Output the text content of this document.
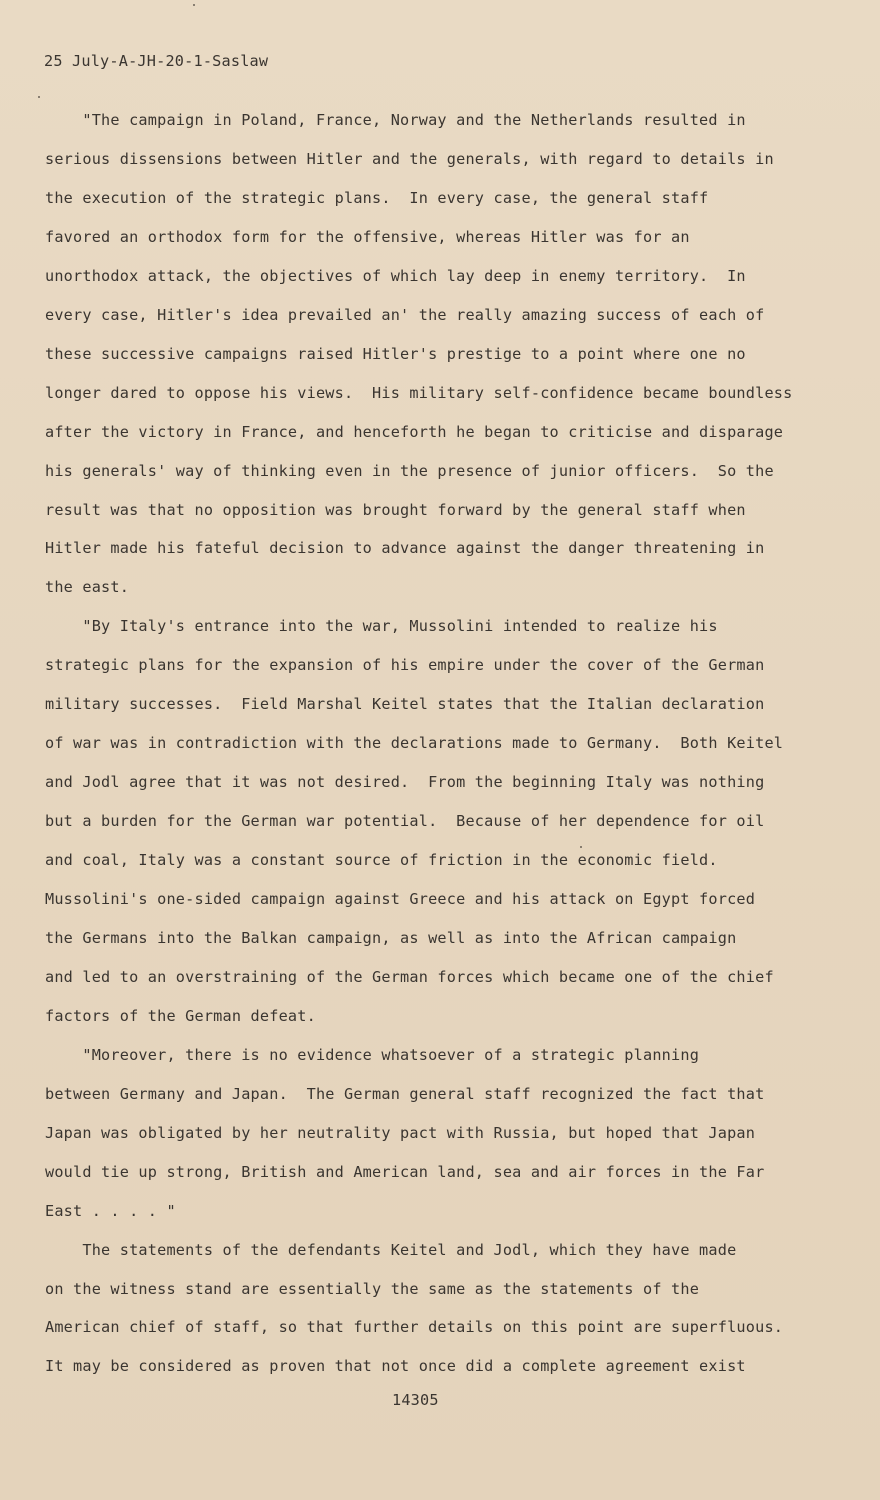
25 July-A-JH-20-1-Saslaw
"The campaign in Poland, France, Norway and the Netherlands resulted in
serious dissensions between Hitler and the generals, with regard to details in
the execution of the strategic plans.  In every case, the general staff
favored an orthodox form for the offensive, whereas Hitler was for an
unorthodox attack, the objectives of which lay deep in enemy territory.  In
every case, Hitler's idea prevailed an' the really amazing success of each of
these successive campaigns raised Hitler's prestige to a point where one no
longer dared to oppose his views.  His military self-confidence became boundless
after the victory in France, and henceforth he began to criticise and disparage
his generals' way of thinking even in the presence of junior officers.  So the
result was that no opposition was brought forward by the general staff when
Hitler made his fateful decision to advance against the danger threatening in
the east.
"By Italy's entrance into the war, Mussolini intended to realize his
strategic plans for the expansion of his empire under the cover of the German
military successes.  Field Marshal Keitel states that the Italian declaration
of war was in contradiction with the declarations made to Germany.  Both Keitel
and Jodl agree that it was not desired.  From the beginning Italy was nothing
but a burden for the German war potential.  Because of her dependence for oil
and coal, Italy was a constant source of friction in the economic field.
Mussolini's one-sided campaign against Greece and his attack on Egypt forced
the Germans into the Balkan campaign, as well as into the African campaign
and led to an overstraining of the German forces which became one of the chief
factors of the German defeat.
"Moreover, there is no evidence whatsoever of a strategic planning
between Germany and Japan.  The German general staff recognized the fact that
Japan was obligated by her neutrality pact with Russia, but hoped that Japan
would tie up strong, British and American land, sea and air forces in the Far
East . . . . "
The statements of the defendants Keitel and Jodl, which they have made
on the witness stand are essentially the same as the statements of the
American chief of staff, so that further details on this point are superfluous.
It may be considered as proven that not once did a complete agreement exist
14305
